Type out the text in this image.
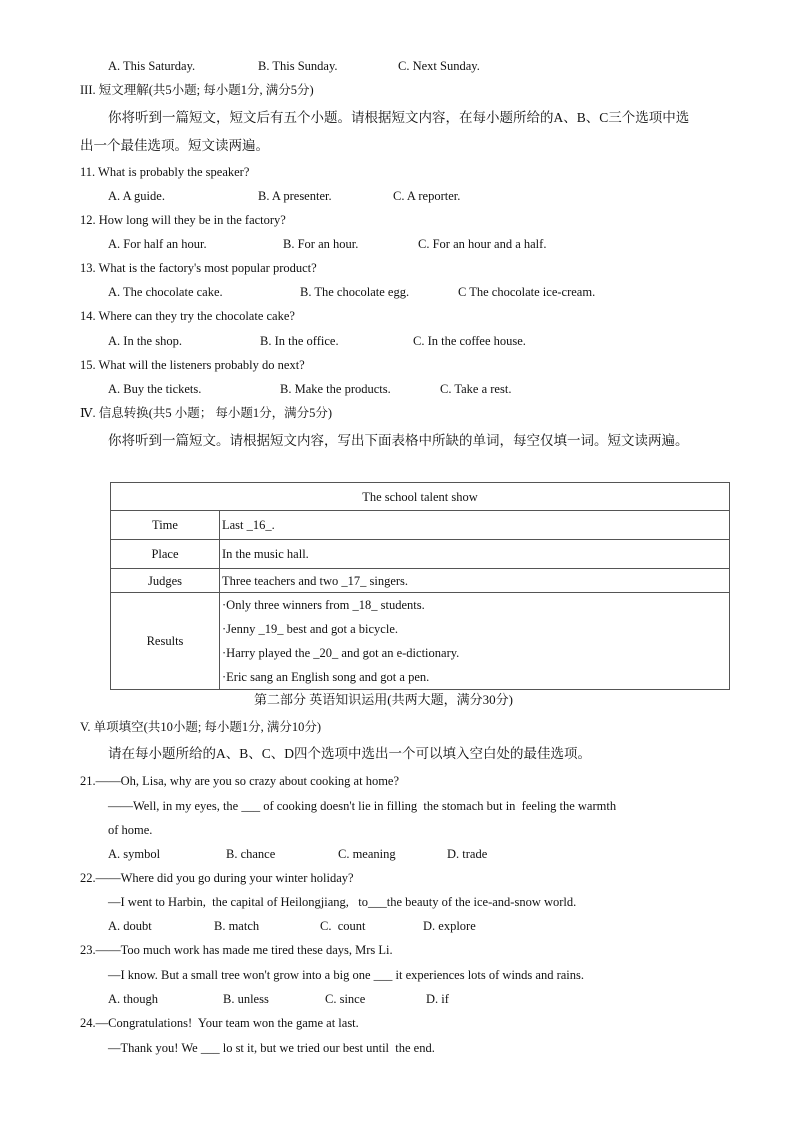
A. This Saturday.	B. This Sunday.	C. Next Sunday.
III. 短文理解(共5小题; 每小题1分, 满分5分)
你将听到一篇短文，短文后有五个小题。请根据短文内容，在每小题所给的A、B、C三个选项中选
出一个最佳选项。短文读两遍。
11. What is probably the speaker?
A. A guide.	B. A presenter.	C. A reporter.
12. How long will they be in the factory?
A. For half an hour.	B. For an hour.	C. For an hour and a half.
13. What is the factory's most popular product?
A. The chocolate cake.	B. The chocolate egg.	C The chocolate ice-cream.
14. Where can they try the chocolate cake?
A. In the shop.	B. In the office.	C. In the coffee house.
15. What will the listeners probably do next?
A. Buy the tickets.	B. Make the products.	C. Take a rest.
Ⅳ. 信息转换(共5 小题； 每小题1分，满分5分)
你将听到一篇短文。请根据短文内容，写出下面表格中所缺的单词，每空仅填一词。短文读两遍。
The school talent show	
Time	Last _16_.
Place	In the music hall.
Judges	Three teachers and two _17_ singers.
Results	·Only three winners from _18_ students.
·Jenny _19_ best and got a bicycle.
·Harry played the _20_ and got an e-dictionary.
·Eric sang an English song and got a pen.
第二部分 英语知识运用(共两大题，满分30分)
V. 单项填空(共10小题; 每小题1分, 满分10分)
请在每小题所给的A、B、C、D四个选项中选出一个可以填入空白处的最佳选项。
21.——Oh, Lisa, why are you so crazy about cooking at home?
——Well, in my eyes, the ___ of cooking doesn't lie in filling  the stomach but in  feeling the warmth
of home.
A. symbol	B. chance	C. meaning	D. trade
22.——Where did you go during your winter holiday?
—I went to Harbin,  the capital of Heilongjiang,   to___the beauty of the ice-and-snow world.
A. doubt	B. match	C.  count	D. explore
23.——Too much work has made me tired these days, Mrs Li.
—I know. But a small tree won't grow into a big one ___ it experiences lots of winds and rains.
A. though	B. unless	C. since	D. if
24.—Congratulations!  Your team won the game at last.
—Thank you! We ___ lo st it, but we tried our best until  the end.
